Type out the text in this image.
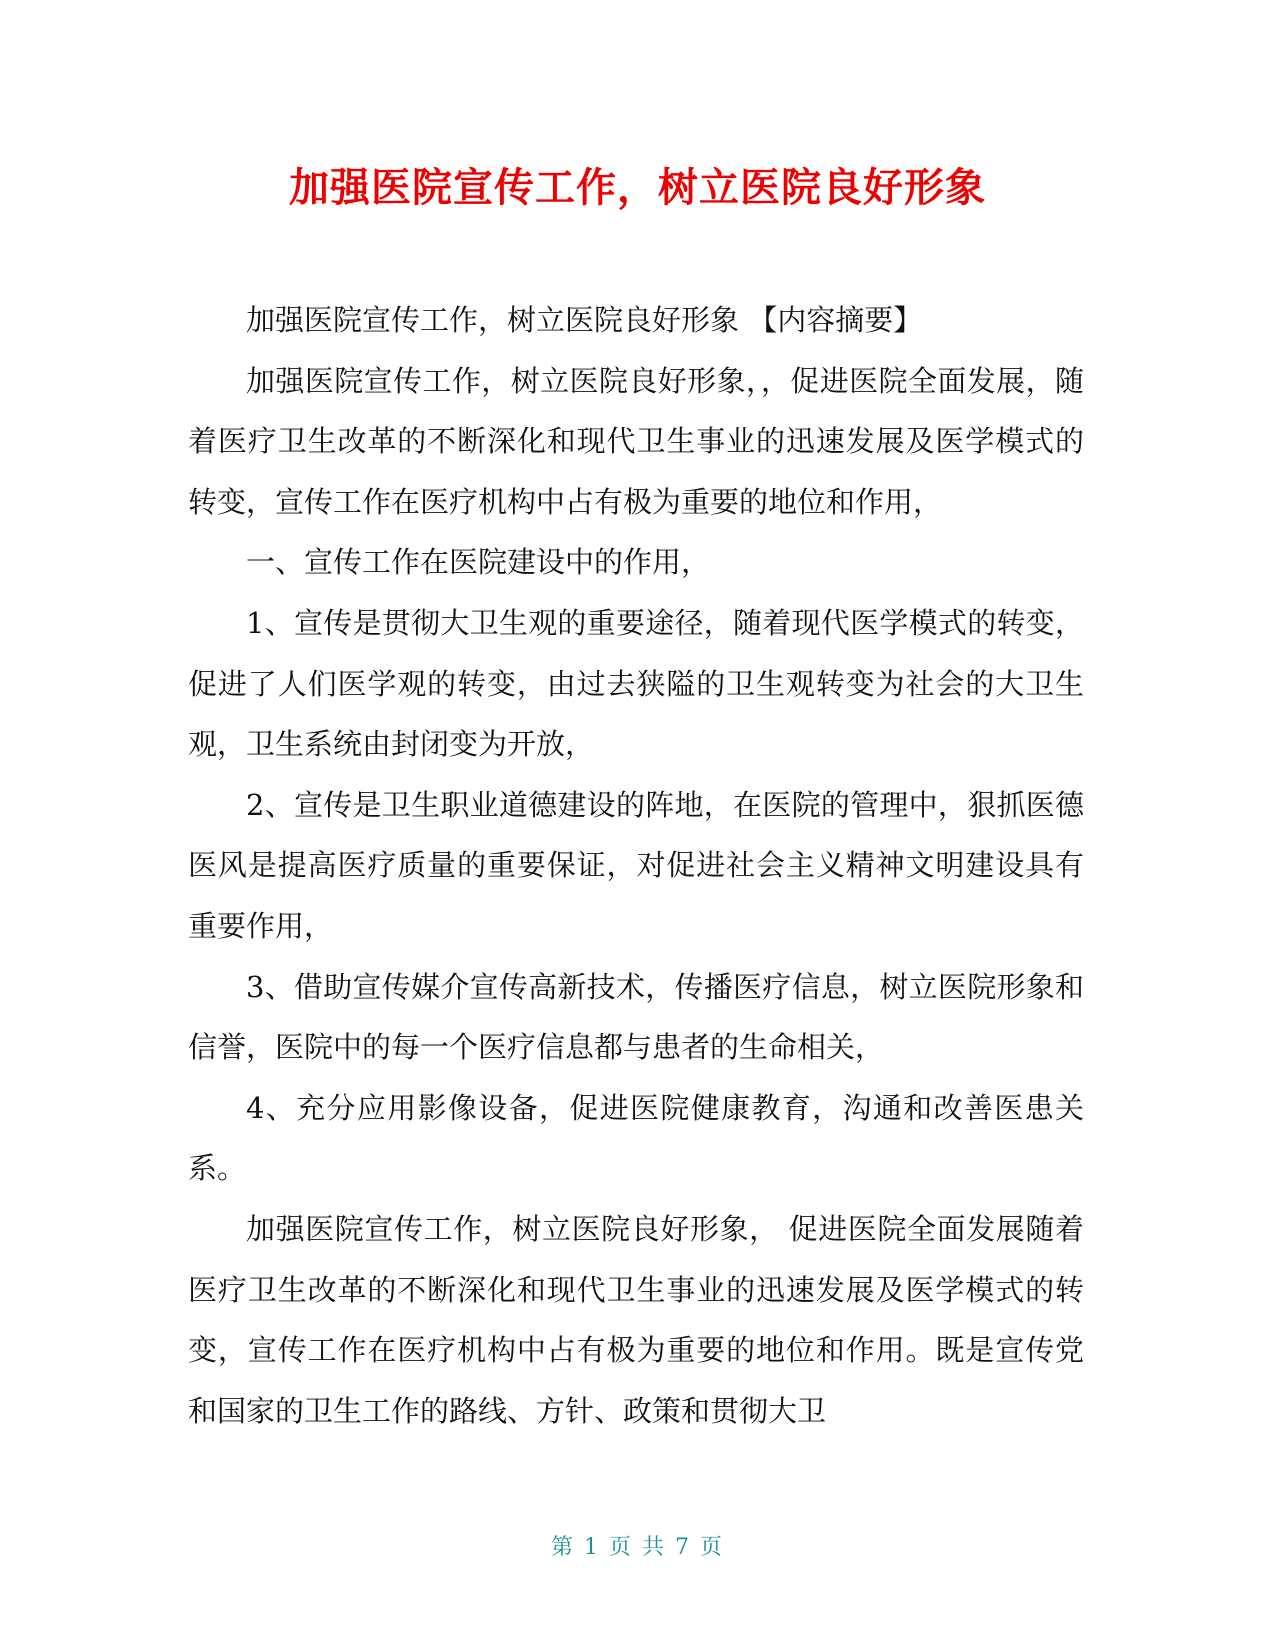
加强医院宣传工作，树立医院良好形象

加强医院宣传工作，树立医院良好形象 【内容摘要】

加强医院宣传工作，树立医院良好形象，，促进医院全面发展，随着医疗卫生改革的不断深化和现代卫生事业的迅速发展及医学模式的转变，宣传工作在医疗机构中占有极为重要的地位和作用，

一、宣传工作在医院建设中的作用，

1、宣传是贯彻大卫生观的重要途径，随着现代医学模式的转变，促进了人们医学观的转变，由过去狭隘的卫生观转变为社会的大卫生观，卫生系统由封闭变为开放，

2、宣传是卫生职业道德建设的阵地，在医院的管理中，狠抓医德医风是提高医疗质量的重要保证，对促进社会主义精神文明建设具有重要作用，

3、借助宣传媒介宣传高新技术，传播医疗信息，树立医院形象和信誉，医院中的每一个医疗信息都与患者的生命相关，

4、充分应用影像设备，促进医院健康教育，沟通和改善医患关系。

加强医院宣传工作，树立医院良好形象， 促进医院全面发展随着医疗卫生改革的不断深化和现代卫生事业的迅速发展及医学模式的转变，宣传工作在医疗机构中占有极为重要的地位和作用。既是宣传党和国家的卫生工作的路线、方针、政策和贯彻大卫

第 1 页 共 7 页
